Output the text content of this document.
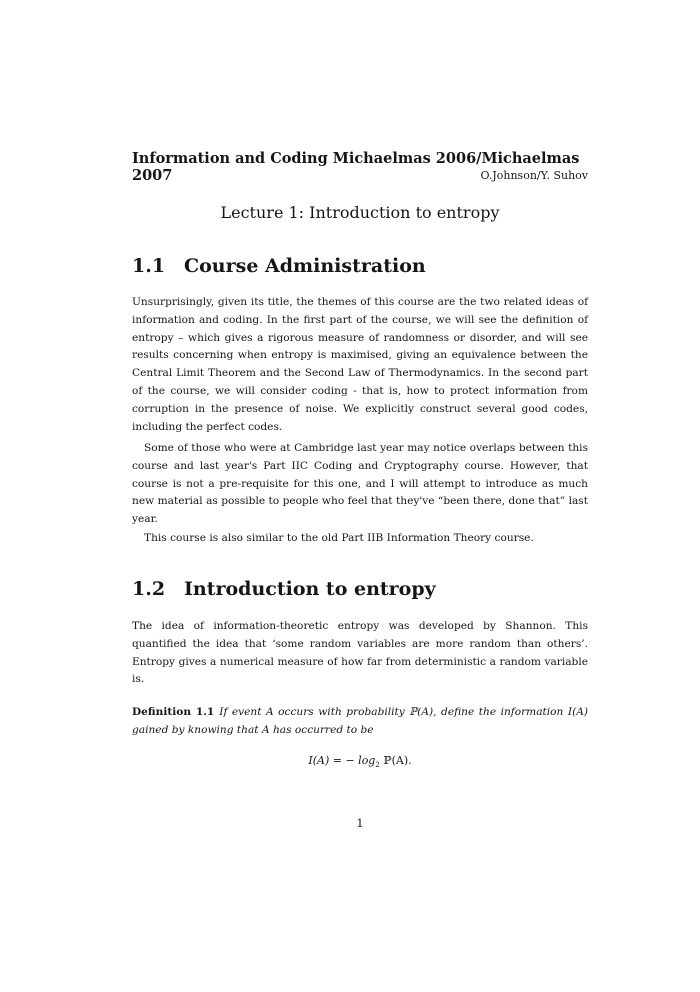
Information and Coding Michaelmas 2006/Michaelmas 2007	O.Johnson/Y. Suhov
Lecture 1: Introduction to entropy
1.1 Course Administration

Unsurprisingly, given its title, the themes of this course are the two related ideas of information and coding. In the first part of the course, we will see the definition of entropy – which gives a rigorous measure of randomness or disorder, and will see results concerning when entropy is maximised, giving an equivalence between the Central Limit Theorem and the Second Law of Thermodynamics. In the second part of the course, we will consider coding - that is, how to protect information from corruption in the presence of noise. We explicitly construct several good codes, including the perfect codes.

Some of those who were at Cambridge last year may notice overlaps between this course and last year's Part IIC Coding and Cryptography course. However, that course is not a pre-requisite for this one, and I will attempt to introduce as much new material as possible to people who feel that they've “been there, done that” last year.

This course is also similar to the old Part IIB Information Theory course.

1.2 Introduction to entropy

The idea of information-theoretic entropy was developed by Shannon. This quantified the idea that ‘some random variables are more random than others’. Entropy gives a numerical measure of how far from deterministic a random variable is.

Definition 1.1 If event A occurs with probability ℙ(A), define the information I(A) gained by knowing that A has occurred to be

I(A) = − $\log_2$ ℙ(A).
1
